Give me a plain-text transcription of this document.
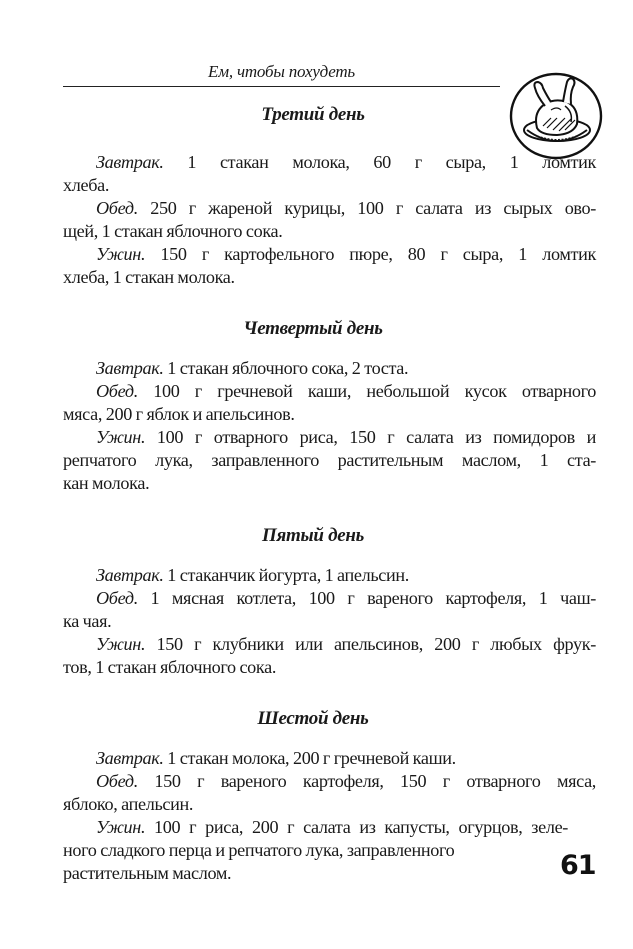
Ем, чтобы похудеть
Третий день
Завтрак. 1 стакан молока, 60 г сыра, 1 ломтик
хлеба.
Обед. 250 г жареной курицы, 100 г салата из сырых ово-
щей, 1 стакан яблочного сока.
Ужин. 150 г картофельного пюре, 80 г сыра, 1 ломтик
хлеба, 1 стакан молока.
Четвертый день
Завтрак. 1 стакан яблочного сока, 2 тоста.
Обед. 100 г гречневой каши, небольшой кусок отварного
мяса, 200 г яблок и апельсинов.
Ужин. 100 г отварного риса, 150 г салата из помидоров и
репчатого лука, заправленного растительным маслом, 1 ста-
кан молока.
Пятый день
Завтрак. 1 стаканчик йогурта, 1 апельсин.
Обед. 1 мясная котлета, 100 г вареного картофеля, 1 чаш-
ка чая.
Ужин. 150 г клубники или апельсинов, 200 г любых фрук-
тов, 1 стакан яблочного сока.
Шестой день
Завтрак. 1 стакан молока, 200 г гречневой каши.
Обед. 150 г вареного картофеля, 150 г отварного мяса,
яблоко, апельсин.
Ужин. 100 г риса, 200 г салата из капусты, огурцов, зеле-
ного сладкого перца и репчатого лука, заправленного
растительным маслом.	61
